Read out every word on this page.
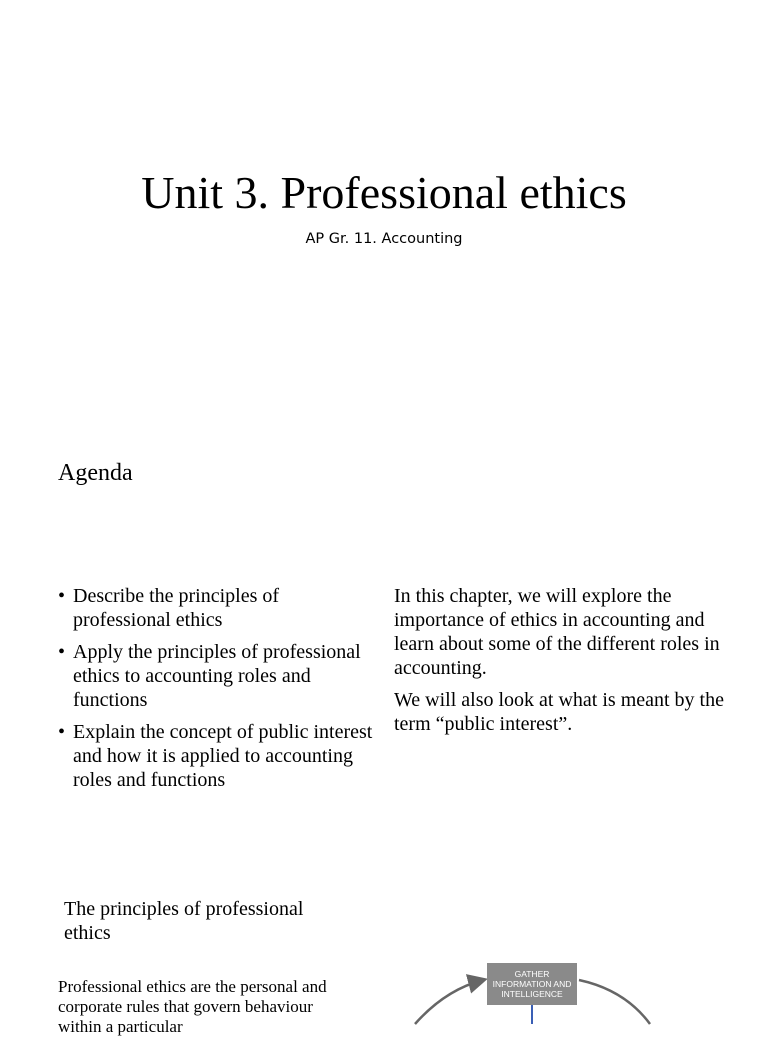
Unit 3. Professional ethics
AP Gr. 11. Accounting
Agenda
• Describe the principles of professional ethics
• Apply the principles of professional ethics to accounting roles and functions
• Explain the concept of public interest and how it is applied to accounting roles and functions

In this chapter, we will explore the importance of ethics in accounting and learn about some of the different roles in accounting.

We will also look at what is meant by the term “public interest”.

The principles of professional ethics
Professional ethics are the personal and corporate rules that govern behaviour within a particular
GATHER INFORMATION AND INTELLIGENCE
